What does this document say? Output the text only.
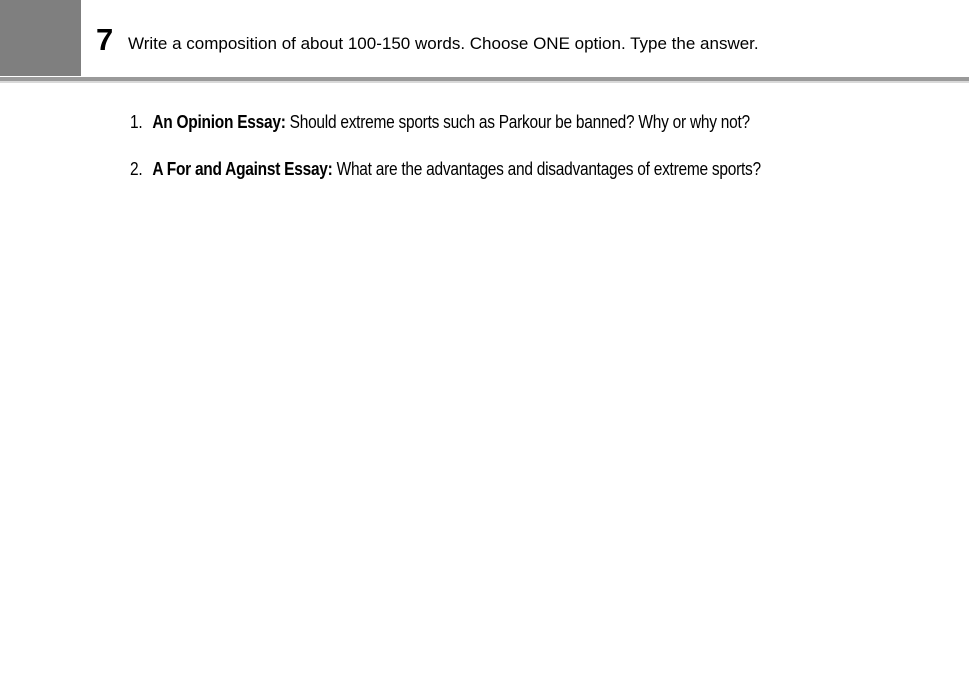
7 Write a composition of about 100-150 words. Choose ONE option. Type the answer.
1. An Opinion Essay: Should extreme sports such as Parkour be banned? Why or why not?
2. A For and Against Essay: What are the advantages and disadvantages of extreme sports?
